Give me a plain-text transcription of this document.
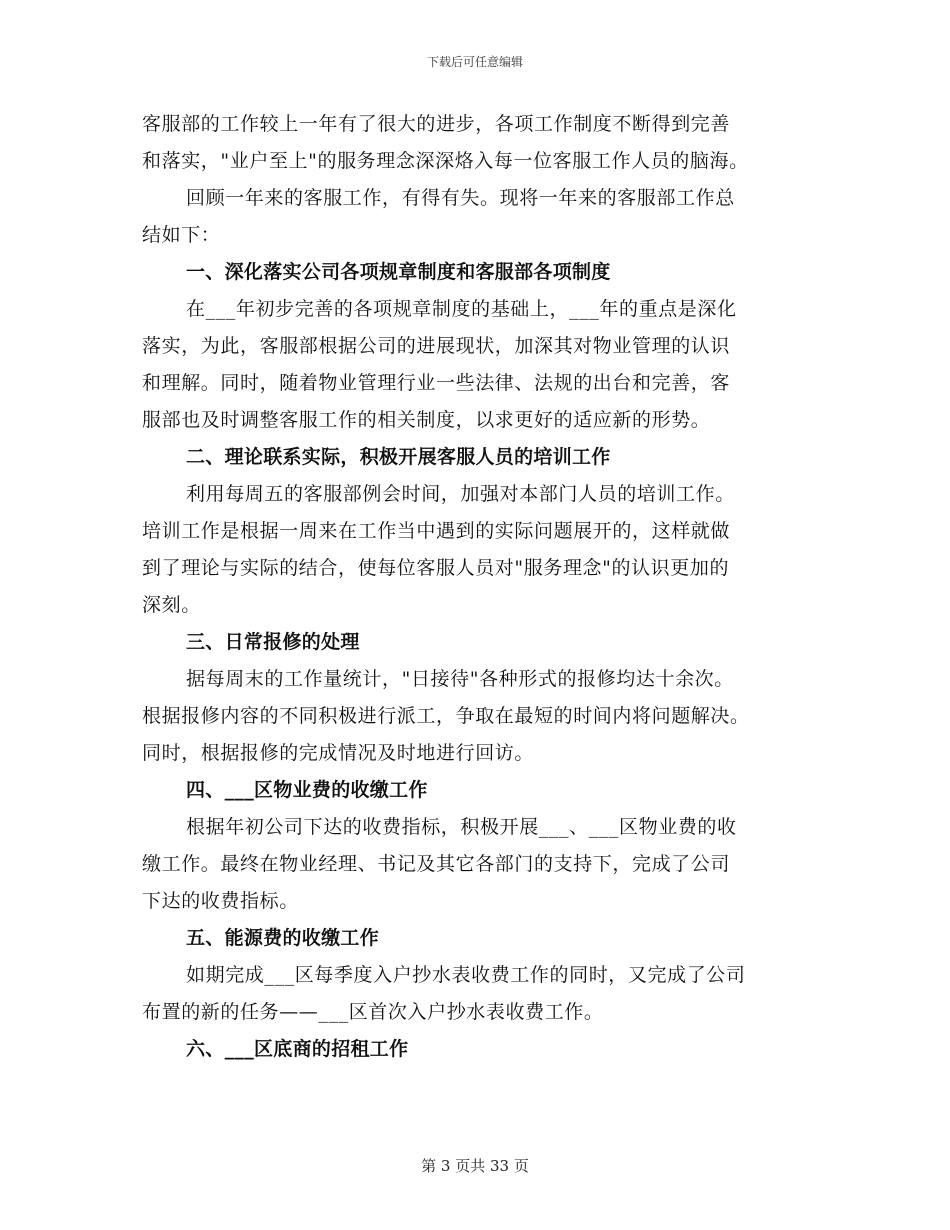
下载后可任意编辑
客服部的工作较上一年有了很大的进步，各项工作制度不断得到完善
和落实，"业户至上"的服务理念深深烙入每一位客服工作人员的脑海。
回顾一年来的客服工作，有得有失。现将一年来的客服部工作总
结如下：
一、深化落实公司各项规章制度和客服部各项制度
在___年初步完善的各项规章制度的基础上，___年的重点是深化
落实，为此，客服部根据公司的进展现状，加深其对物业管理的认识
和理解。同时，随着物业管理行业一些法律、法规的出台和完善，客
服部也及时调整客服工作的相关制度，以求更好的适应新的形势。
二、理论联系实际，积极开展客服人员的培训工作
利用每周五的客服部例会时间，加强对本部门人员的培训工作。
培训工作是根据一周来在工作当中遇到的实际问题展开的，这样就做
到了理论与实际的结合，使每位客服人员对"服务理念"的认识更加的
深刻。
三、日常报修的处理
据每周末的工作量统计，"日接待"各种形式的报修均达十余次。
根据报修内容的不同积极进行派工，争取在最短的时间内将问题解决。
同时，根据报修的完成情况及时地进行回访。
四、___区物业费的收缴工作
根据年初公司下达的收费指标，积极开展___、___区物业费的收
缴工作。最终在物业经理、书记及其它各部门的支持下，完成了公司
下达的收费指标。
五、能源费的收缴工作
如期完成___区每季度入户抄水表收费工作的同时，又完成了公司
布置的新的任务——___区首次入户抄水表收费工作。
六、___区底商的招租工作
第 3 页共 33 页
